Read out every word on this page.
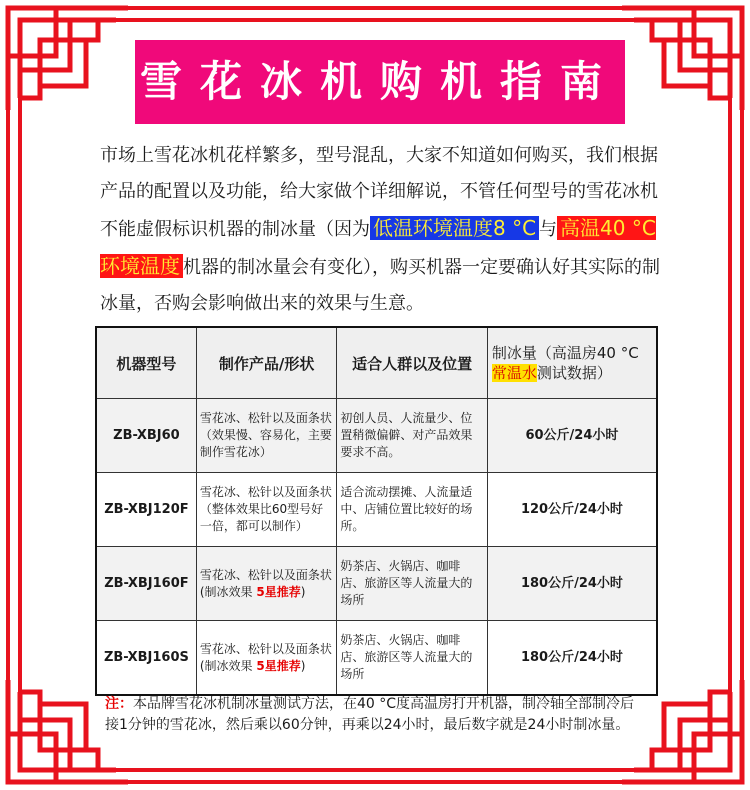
雪花冰机购机指南

市场上雪花冰机花样繁多，型号混乱，大家不知道如何购买，我们根据产品的配置以及功能，给大家做个详细解说，不管任何型号的雪花冰机不能虚假标识机器的制冰量（因为 低温环境温度8 °C 与 高温40 °C环境温度 机器的制冰量会有变化），购买机器一定要确认好其实际的制冰量，否购会影响做出来的效果与生意。

机器型号	制作产品/形状	适合人群以及位置	制冰量（高温房40 °C
常温水测试数据）
ZB-XBJ60	雪花冰、松针以及面条状（效果慢、容易化，主要制作雪花冰）	初创人员、人流量少、位置稍微偏僻、对产品效果要求不高。	60公斤/24小时
ZB-XBJ120F	雪花冰、松针以及面条状（整体效果比60型号好一倍，都可以制作）	适合流动摆摊、人流量适中、店铺位置比较好的场所。	120公斤/24小时
ZB-XBJ160F	雪花冰、松针以及面条状(制冰效果 5星推荐)	奶茶店、火锅店、咖啡店、旅游区等人流量大的场所	180公斤/24小时
ZB-XBJ160S	雪花冰、松针以及面条状(制冰效果 5星推荐)	奶茶店、火锅店、咖啡店、旅游区等人流量大的场所	180公斤/24小时

注：本品牌雪花冰机制冰量测试方法，在40 °C度高温房打开机器，制冷轴全部制冷后接1分钟的雪花冰，然后乘以60分钟，再乘以24小时，最后数字就是24小时制冰量。
